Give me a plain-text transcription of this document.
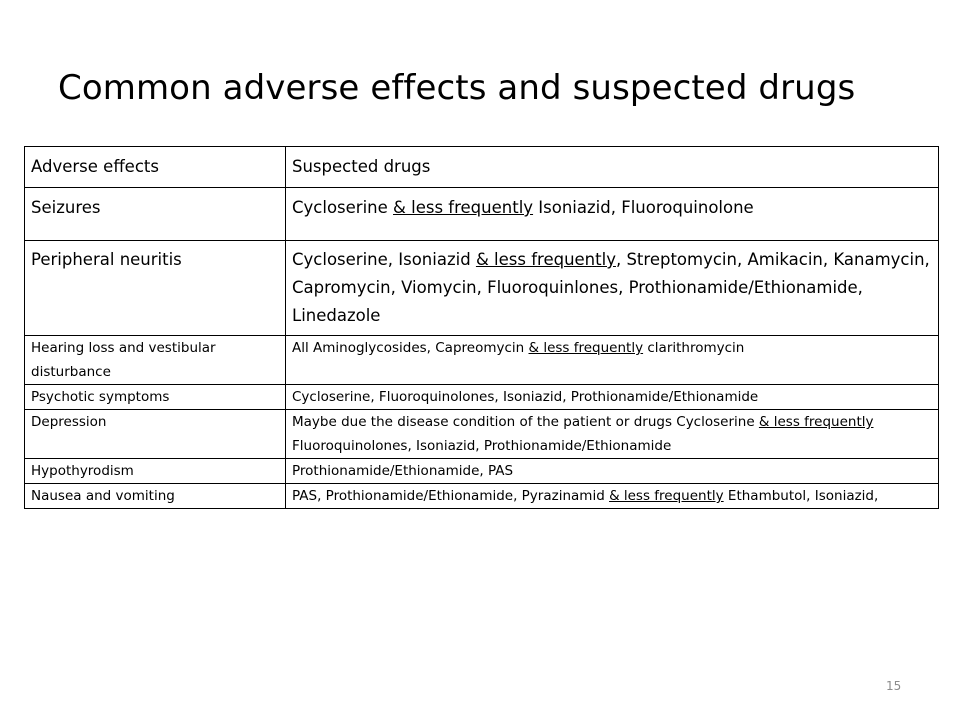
Common adverse effects and suspected drugs
Adverse effects	Suspected drugs
Seizures	Cycloserine & less frequently Isoniazid, Fluoroquinolone
Peripheral neuritis	Cycloserine, Isoniazid & less frequently, Streptomycin, Amikacin, Kanamycin, Capromycin, Viomycin, Fluoroquinlones, Prothionamide/Ethionamide, Linedazole
Hearing loss and vestibular disturbance	All Aminoglycosides, Capreomycin & less frequently clarithromycin
Psychotic symptoms	Cycloserine, Fluoroquinolones, Isoniazid, Prothionamide/Ethionamide
Depression	Maybe due the disease condition of the patient or drugs Cycloserine & less frequently Fluoroquinolones, Isoniazid, Prothionamide/Ethionamide
Hypothyrodism	Prothionamide/Ethionamide, PAS
Nausea and vomiting	PAS, Prothionamide/Ethionamide, Pyrazinamid & less frequently Ethambutol, Isoniazid,
15
